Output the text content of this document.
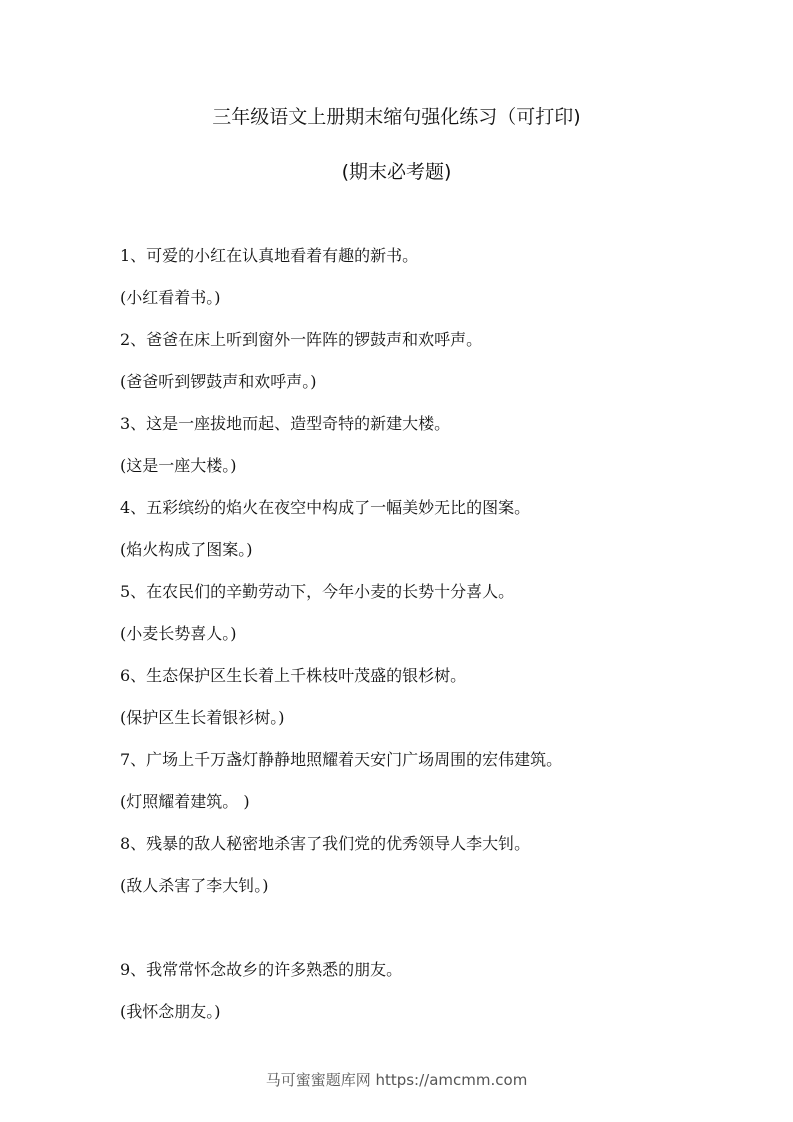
三年级语文上册期末缩句强化练习（可打印)
(期末必考题)
1、可爱的小红在认真地看着有趣的新书。
(小红看着书。)
2、爸爸在床上听到窗外一阵阵的锣鼓声和欢呼声。
(爸爸听到锣鼓声和欢呼声。)
3、这是一座拔地而起、造型奇特的新建大楼。
(这是一座大楼。)
4、五彩缤纷的焰火在夜空中构成了一幅美妙无比的图案。
(焰火构成了图案。)
5、在农民们的辛勤劳动下，今年小麦的长势十分喜人。
(小麦长势喜人。)
6、生态保护区生长着上千株枝叶茂盛的银杉树。
(保护区生长着银衫树。)
7、广场上千万盏灯静静地照耀着天安门广场周围的宏伟建筑。
(灯照耀着建筑。 )
8、残暴的敌人秘密地杀害了我们党的优秀领导人李大钊。
(敌人杀害了李大钊。)
9、我常常怀念故乡的许多熟悉的朋友。
(我怀念朋友。)
马可蜜蜜题库网 https://amcmm.com
